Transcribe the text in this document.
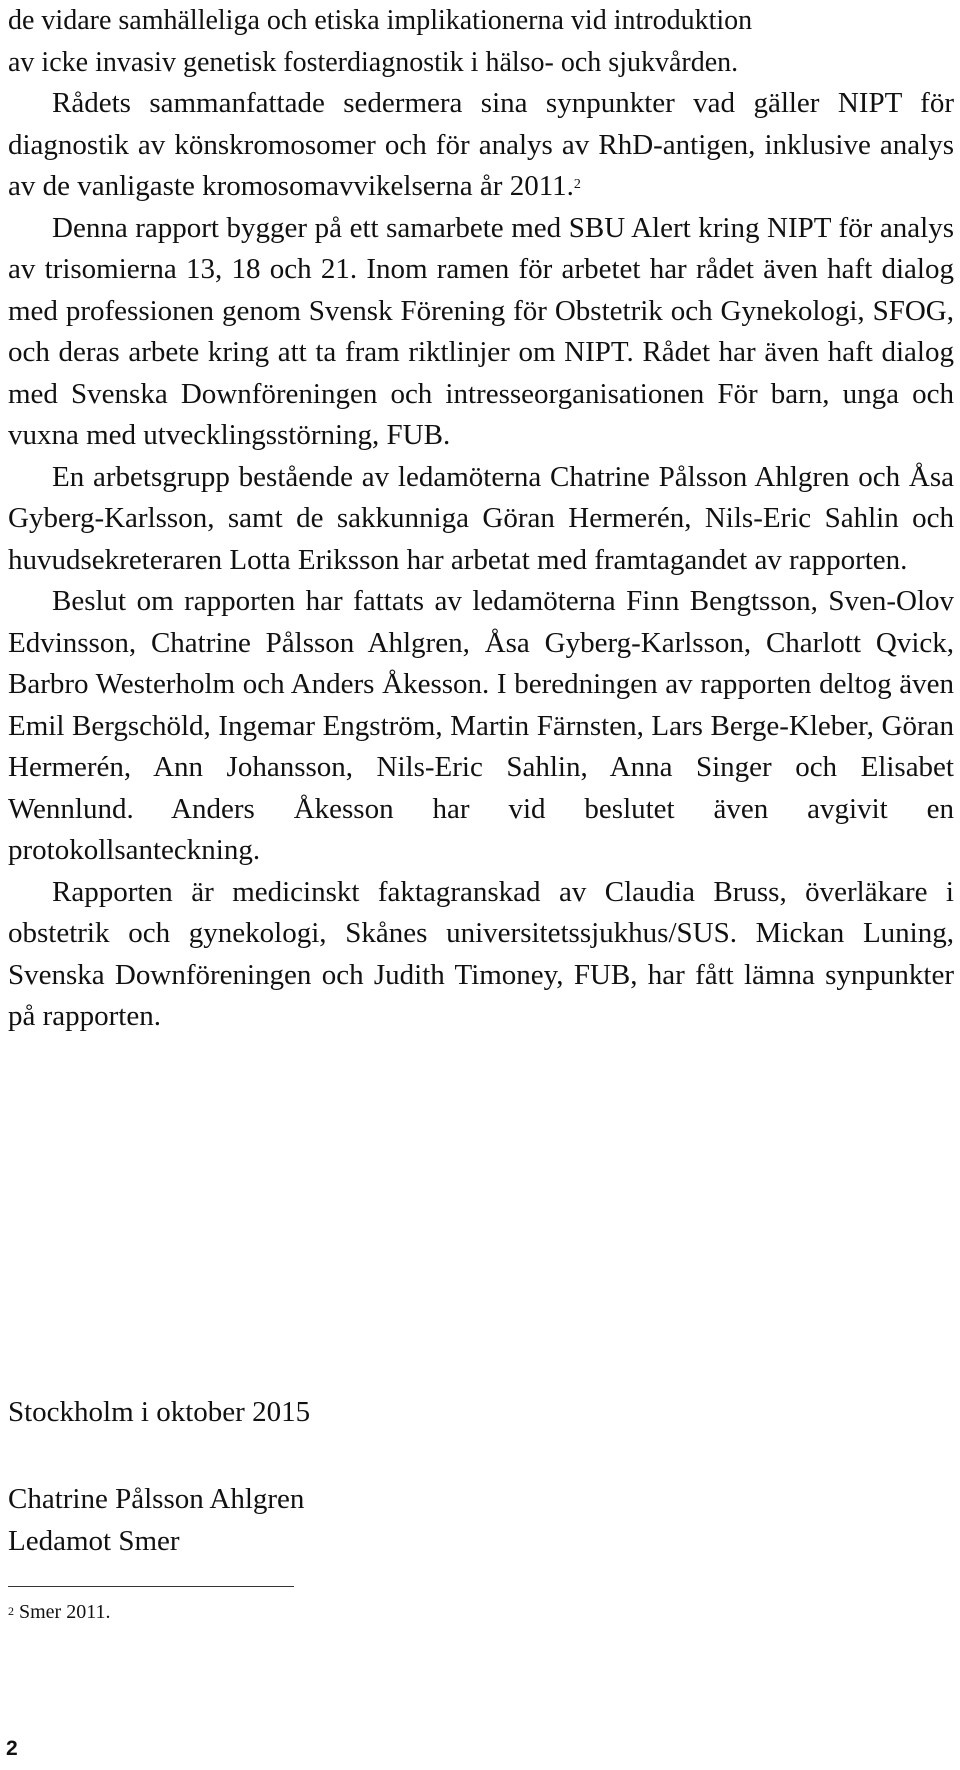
de vidare samhälleliga och etiska implikationerna vid introduktion

av icke invasiv genetisk fosterdiagnostik i hälso- och sjukvården.

Rådets sammanfattade sedermera sina synpunkter vad gäller NIPT för diagnostik av könskromosomer och för analys av RhD-antigen, inklusive analys av de vanligaste kromosomavvikelserna år 2011.$^2$

Denna rapport bygger på ett samarbete med SBU Alert kring NIPT för analys av trisomierna 13, 18 och 21. Inom ramen för arbetet har rådet även haft dialog med professionen genom Svensk Förening för Obstetrik och Gynekologi, SFOG, och deras arbete kring att ta fram riktlinjer om NIPT. Rådet har även haft dialog med Svenska Downföreningen och intresseorganisationen För barn, unga och vuxna med utvecklingsstörning, FUB.

En arbetsgrupp bestående av ledamöterna Chatrine Pålsson Ahlgren och Åsa Gyberg-Karlsson, samt de sakkunniga Göran Hermerén, Nils-Eric Sahlin och huvudsekreteraren Lotta Eriksson har arbetat med framtagandet av rapporten.

Beslut om rapporten har fattats av ledamöterna Finn Bengtsson, Sven-Olov Edvinsson, Chatrine Pålsson Ahlgren, Åsa Gyberg-Karlsson, Charlott Qvick, Barbro Westerholm och Anders Åkesson. I beredningen av rapporten deltog även Emil Bergschöld, Ingemar Engström, Martin Färnsten, Lars Berge-Kleber, Göran Hermerén, Ann Johansson, Nils-Eric Sahlin, Anna Singer och Elisabet Wennlund. Anders Åkesson har vid beslutet även avgivit en protokollsanteckning.

Rapporten är medicinskt faktagranskad av Claudia Bruss, överläkare i obstetrik och gynekologi, Skånes universitetssjukhus/SUS. Mickan Luning, Svenska Downföreningen och Judith Timoney, FUB, har fått lämna synpunkter på rapporten.

Stockholm i oktober 2015
Chatrine Pålsson Ahlgren
Ledamot Smer
$^2$ Smer 2011.
2
